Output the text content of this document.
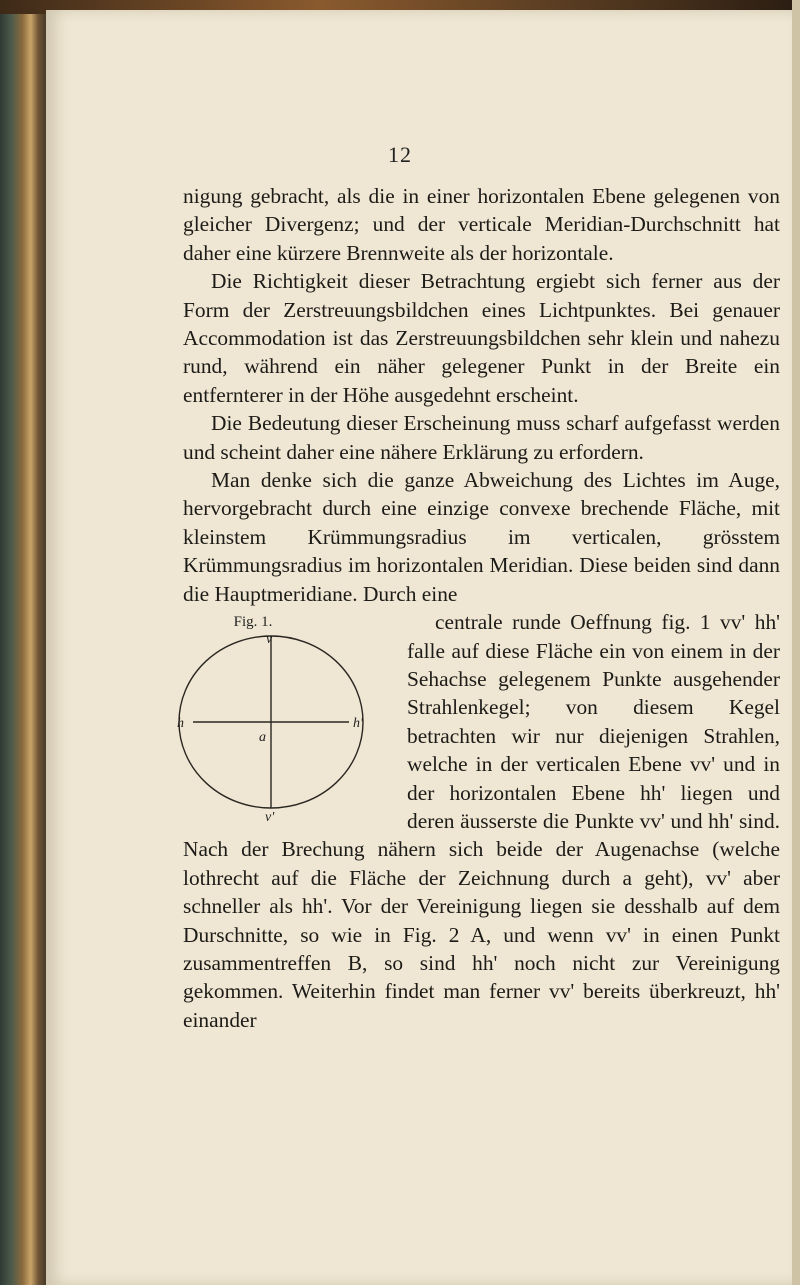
12

nigung gebracht, als die in einer horizontalen Ebene gelegenen von gleicher Divergenz; und der verticale Meridian-Durchschnitt hat daher eine kürzere Brennweite als der horizontale.

Die Richtigkeit dieser Betrachtung ergiebt sich ferner aus der Form der Zerstreuungsbildchen eines Lichtpunktes. Bei genauer Accommodation ist das Zerstreuungsbildchen sehr klein und nahezu rund, während ein näher gelegener Punkt in der Breite ein entfernterer in der Höhe ausgedehnt erscheint.

Die Bedeutung dieser Erscheinung muss scharf aufgefasst werden und scheint daher eine nähere Erklärung zu erfordern.

Man denke sich die ganze Abweichung des Lichtes im Auge, hervorgebracht durch eine einzige convexe brechende Fläche, mit kleinstem Krümmungsradius im verticalen, grösstem Krümmungsradius im horizontalen Meridian. Diese beiden sind dann die Hauptmeridiane. Durch eine

Fig. 1.
v
v'
h	h'
a

centrale runde Oeffnung fig. 1 vv' hh' falle auf diese Fläche ein von einem in der Sehachse gelegenem Punkte ausgehender Strahlenkegel; von diesem Kegel betrachten wir nur diejenigen Strahlen, welche in der verticalen Ebene vv' und in der horizontalen Ebene hh' liegen und deren äusserste die Punkte vv' und hh' sind. Nach der Brechung nähern sich beide der Augenachse (welche lothrecht auf die Fläche der Zeichnung durch a geht), vv' aber schneller als hh'. Vor der Vereinigung liegen sie desshalb auf dem Durschnitte, so wie in Fig. 2 A, und wenn vv' in einen Punkt zusammentreffen B, so sind hh' noch nicht zur Vereinigung gekommen. Weiterhin findet man ferner vv' bereits überkreuzt, hh' einander
